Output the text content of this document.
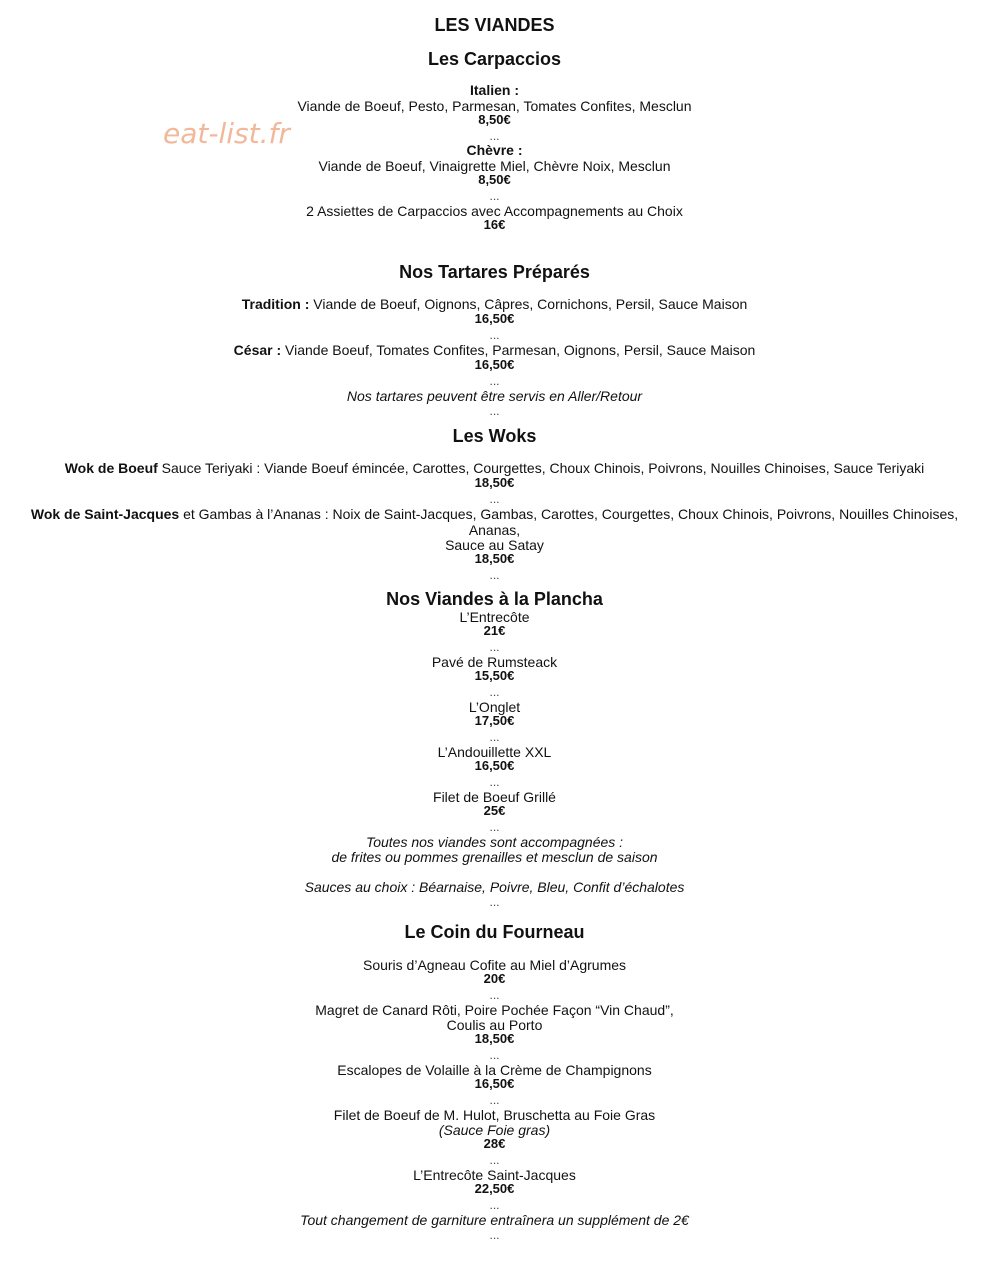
eat-list.fr
LES VIANDES
Les Carpaccios
Italien :
Viande de Boeuf, Pesto, Parmesan, Tomates Confites, Mesclun
8,50€
...
Chèvre :
Viande de Boeuf, Vinaigrette Miel, Chèvre Noix, Mesclun
8,50€
...
2 Assiettes de Carpaccios avec Accompagnements au Choix
16€
Nos Tartares Préparés
Tradition : Viande de Boeuf, Oignons, Câpres, Cornichons, Persil, Sauce Maison
16,50€
...
César : Viande Boeuf, Tomates Confites, Parmesan, Oignons, Persil, Sauce Maison
16,50€
...
Nos tartares peuvent être servis en Aller/Retour
...
Les Woks
Wok de Boeuf Sauce Teriyaki : Viande Boeuf émincée, Carottes, Courgettes, Choux Chinois, Poivrons, Nouilles Chinoises, Sauce Teriyaki
18,50€
...
Wok de Saint-Jacques et Gambas à l’Ananas : Noix de Saint-Jacques, Gambas, Carottes, Courgettes, Choux Chinois, Poivrons, Nouilles Chinoises,
Ananas,
Sauce au Satay
18,50€
...
Nos Viandes à la Plancha
L’Entrecôte
21€
...
Pavé de Rumsteack
15,50€
...
L’Onglet
17,50€
...
L’Andouillette XXL
16,50€
...
Filet de Boeuf Grillé
25€
...
Toutes nos viandes sont accompagnées :
de frites ou pommes grenailles et mesclun de saison
Sauces au choix : Béarnaise, Poivre, Bleu, Confit d’échalotes
...
Le Coin du Fourneau
Souris d’Agneau Cofite au Miel d’Agrumes
20€
...
Magret de Canard Rôti, Poire Pochée Façon “Vin Chaud”,
Coulis au Porto
18,50€
...
Escalopes de Volaille à la Crème de Champignons
16,50€
...
Filet de Boeuf de M. Hulot, Bruschetta au Foie Gras
(Sauce Foie gras)
28€
...
L’Entrecôte Saint-Jacques
22,50€
...
Tout changement de garniture entraînera un supplément de 2€
...
